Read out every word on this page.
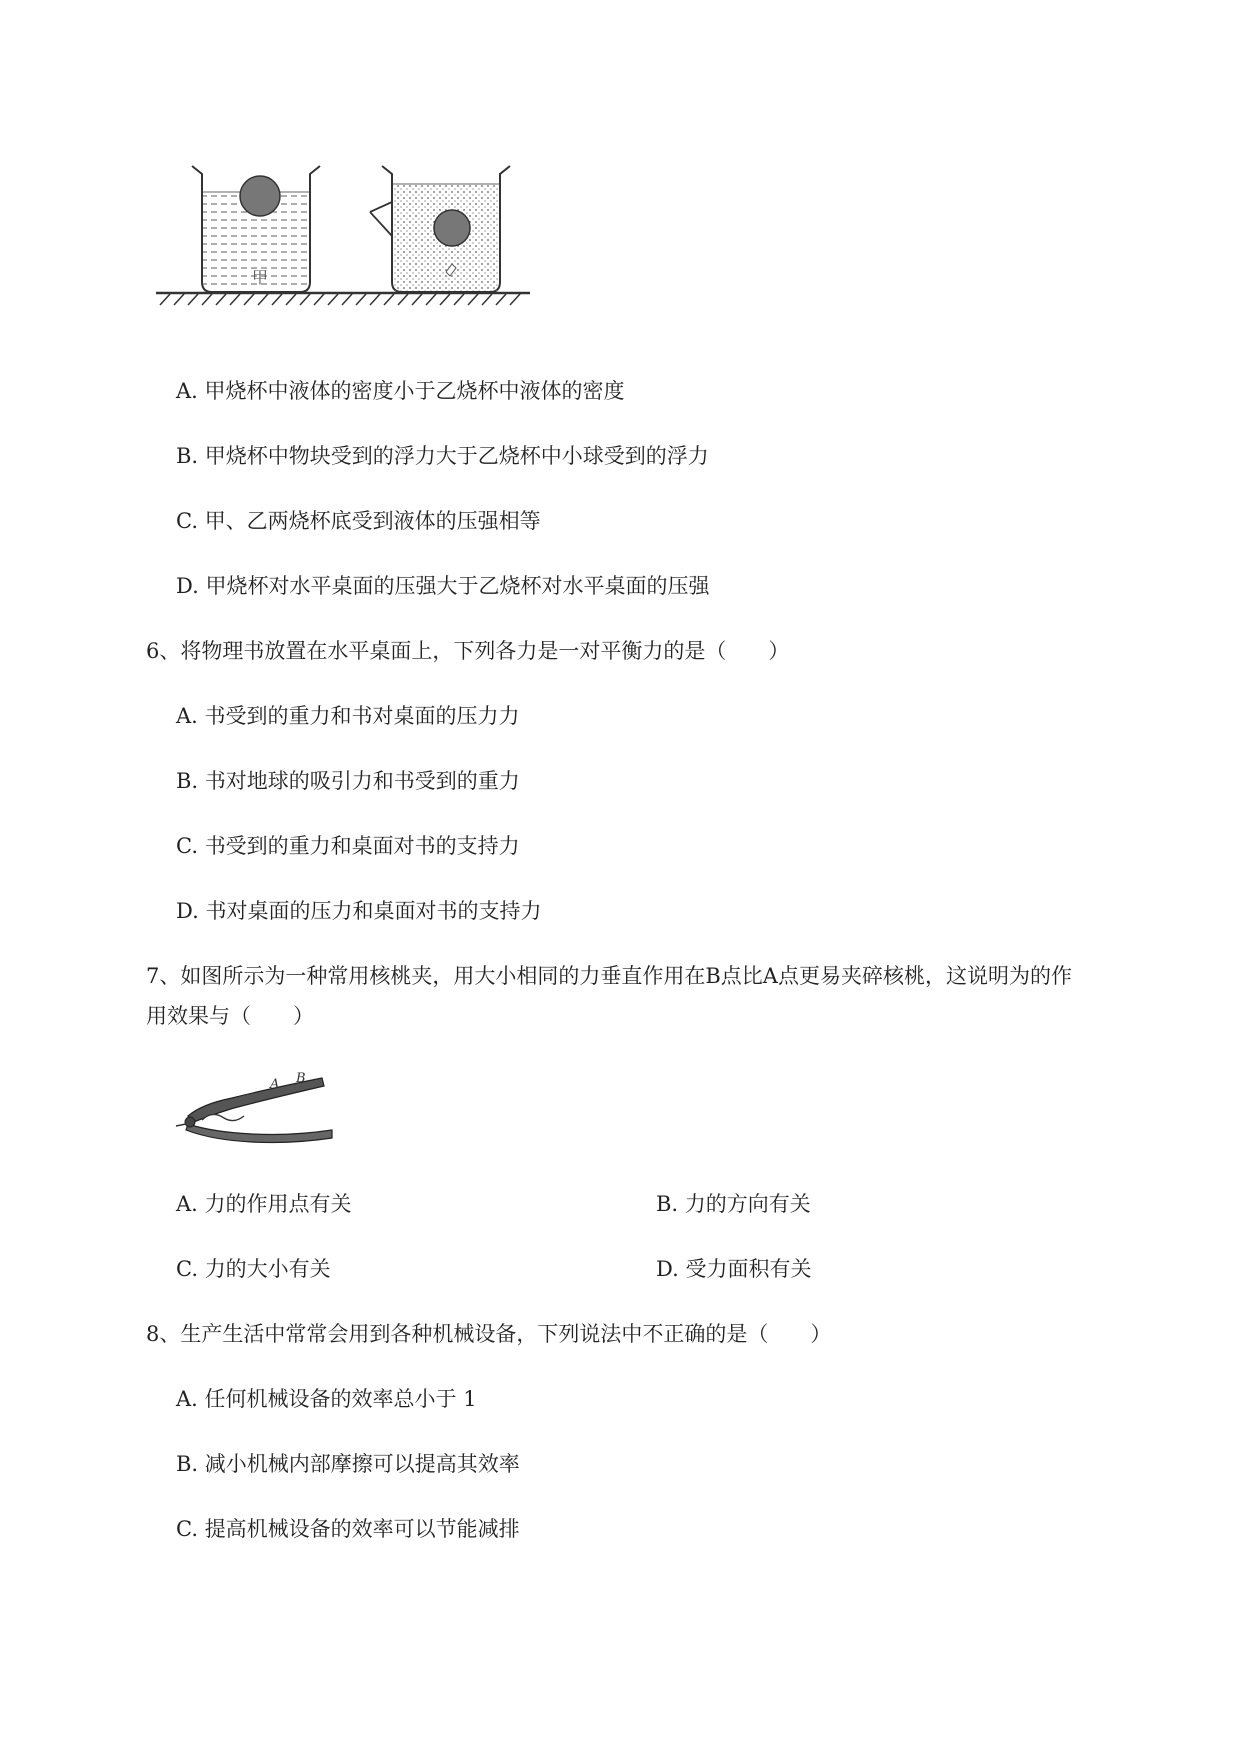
甲
A. 甲烧杯中液体的密度小于乙烧杯中液体的密度
B. 甲烧杯中物块受到的浮力大于乙烧杯中小球受到的浮力
C. 甲、乙两烧杯底受到液体的压强相等
D. 甲烧杯对水平桌面的压强大于乙烧杯对水平桌面的压强
6、将物理书放置在水平桌面上，下列各力是一对平衡力的是（　　）
A. 书受到的重力和书对桌面的压力力
B. 书对地球的吸引力和书受到的重力
C. 书受到的重力和桌面对书的支持力
D. 书对桌面的压力和桌面对书的支持力
7、如图所示为一种常用核桃夹，用大小相同的力垂直作用在B点比A点更易夹碎核桃，这说明为的作
用效果与（　　）
A B
A. 力的作用点有关	B. 力的方向有关
C. 力的大小有关	D. 受力面积有关
8、生产生活中常常会用到各种机械设备，下列说法中不正确的是（　　）
A. 任何机械设备的效率总小于 1
B. 减小机械内部摩擦可以提高其效率
C. 提高机械设备的效率可以节能减排
